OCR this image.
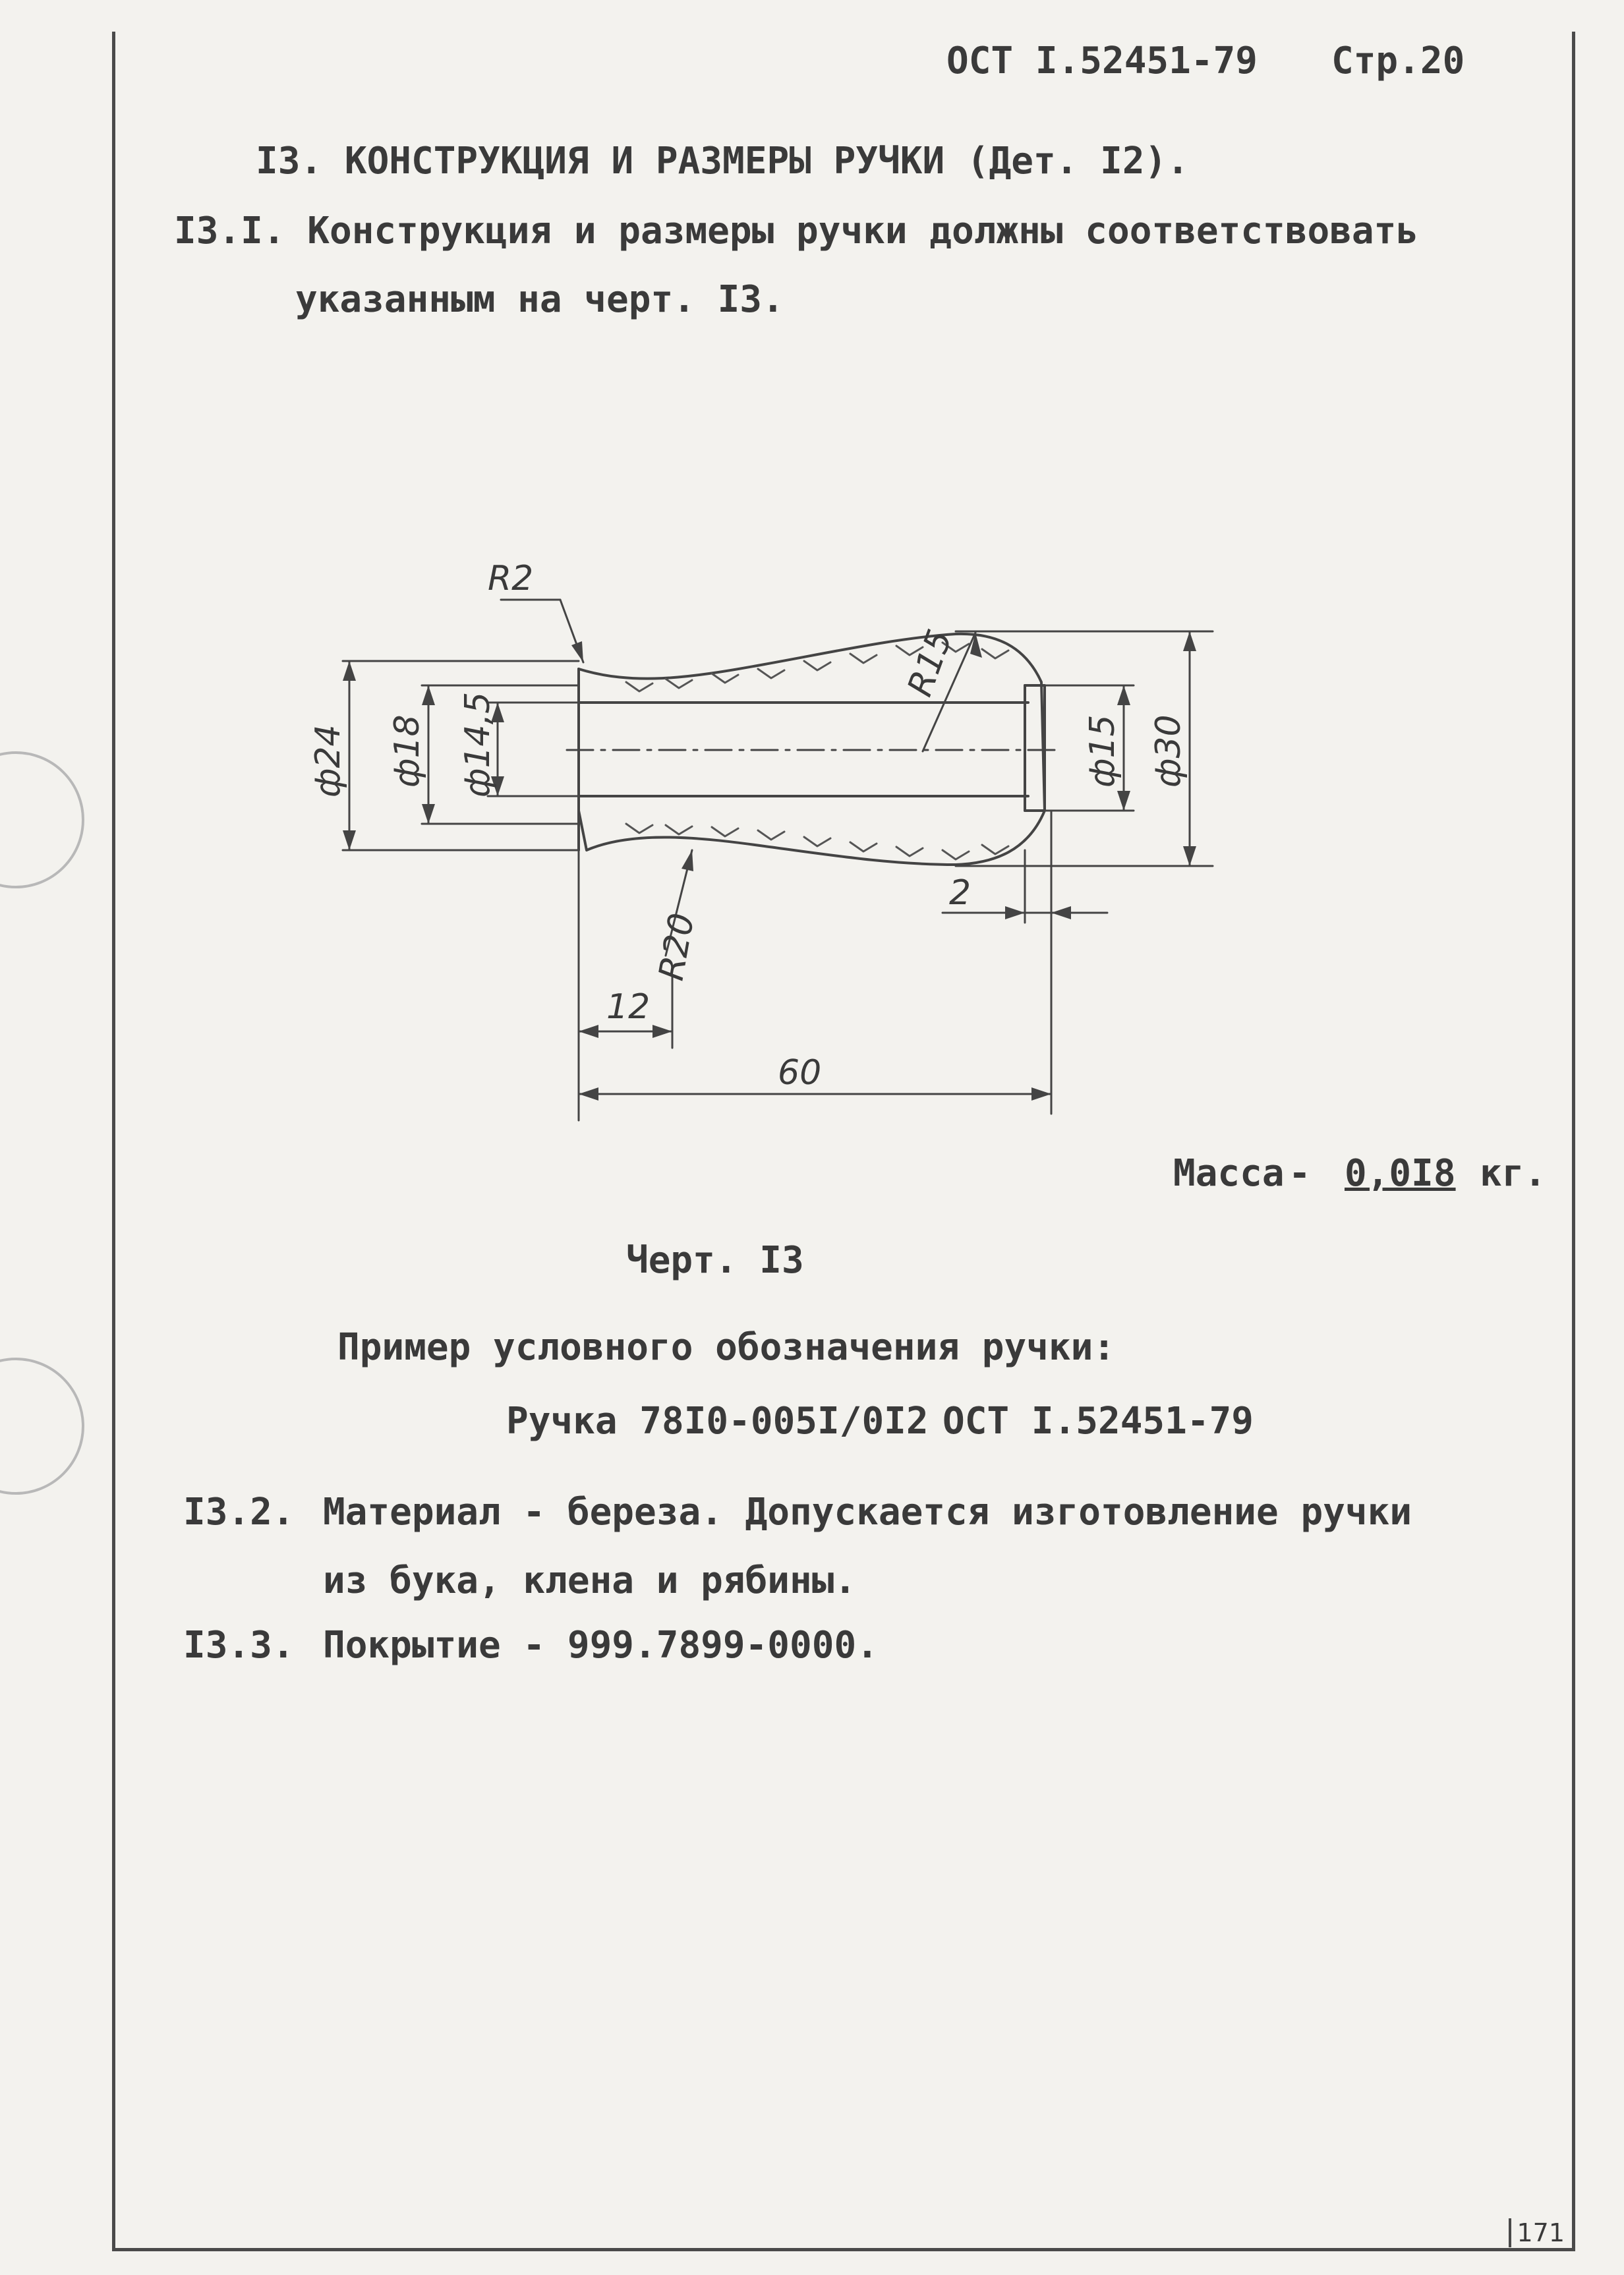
ОСТ I.52451-79 Стр.20
I3. КОНСТРУКЦИЯ И РАЗМЕРЫ РУЧКИ (Дет. I2).
I3.I. Конструкция и размеры ручки должны соответствовать
указанным на черт. I3.
R2
R15
R20
ф24 ф18 ф14,5	ф15 ф30
2
12
60
Масса - 0,0I8 кг.
Черт. I3
Пример условного обозначения ручки:
Ручка 78I0-005I/0I2 ОСТ I.52451-79
I3.2. Материал - береза. Допускается изготовление ручки
из бука, клена и рябины.
I3.3. Покрытие - 999.7899-0000.
171
